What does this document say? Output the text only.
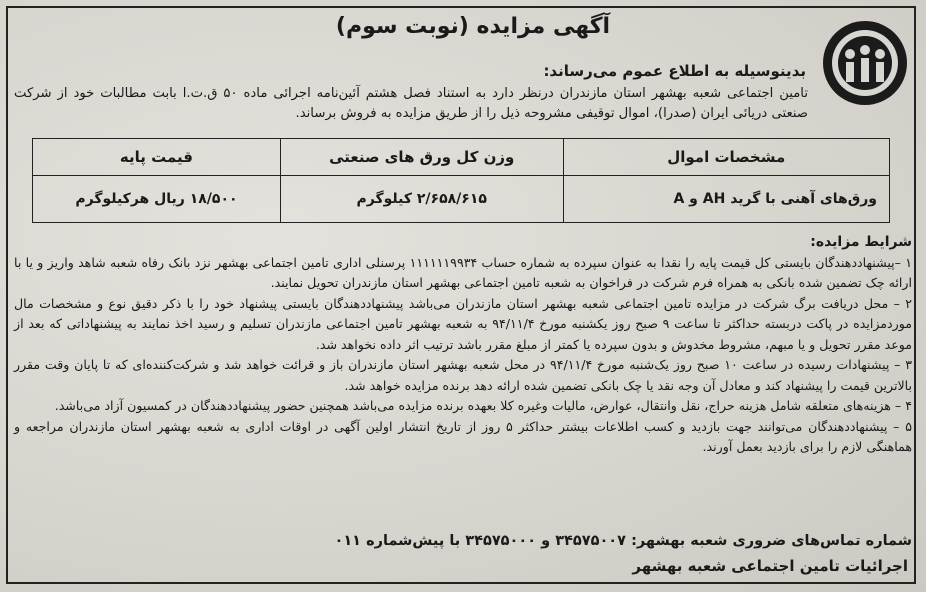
آگهی مزایده (نوبت سوم)
بدینوسیله به اطلاع عموم می‌رساند:
تامین اجتماعی شعبه بهشهر استان مازندران درنظر دارد به استناد فصل هشتم آئین‌نامه اجرائی ماده ۵۰ ق.ت.ا بابت مطالبات خود از شرکت صنعتی دریائی ایران (صدرا)، اموال توقیفی مشروحه ذیل را از طریق مزایده به فروش برساند.
مشخصات اموال	وزن کل ورق های صنعتی	قیمت پایه
ورق‌های آهنی با گرید AH و A	۲/۶۵۸/۶۱۵ کیلوگرم	۱۸/۵۰۰ ریال هرکیلوگرم

شرایط مزایده:

۱ –پیشنهاددهندگان بایستی کل قیمت پایه را نقدا به عنوان سپرده به شماره حساب ۱۱۱۱۱۱۹۹۳۴ پرسنلی اداری تامین اجتماعی بهشهر نزد بانک رفاه شعبه شاهد واریز و یا با ارائه چک تضمین شده بانکی به همراه فرم شرکت در فراخوان به شعبه تامین اجتماعی بهشهر استان مازندران تحویل نمایند.

۲ – محل دریافت برگ شرکت در مزایده تامین اجتماعی شعبه بهشهر استان مازندران می‌باشد پیشنهاددهندگان بایستی پیشنهاد خود را با ذکر دقیق نوع و مشخصات مال موردمزایده در پاکت دربسته حداکثر تا ساعت ۹ صبح روز یکشنبه مورخ ۹۴/۱۱/۴ به شعبه بهشهر تامین اجتماعی مازندران تسلیم و رسید اخذ نمایند به پیشنهاداتی که بعد از موعد مقرر تحویل و یا مبهم، مشروط مخدوش و بدون سپرده یا کمتر از مبلغ مقرر باشد ترتیب اثر داده نخواهد شد.

۳ – پیشنهادات رسیده در ساعت ۱۰ صبح روز یک‌شنبه مورخ ۹۴/۱۱/۴ در محل شعبه بهشهر استان مازندران باز و قرائت خواهد شد و شرکت‌کننده‌ای که تا پایان وقت مقرر بالاترین قیمت را پیشنهاد کند و معادل آن وجه نقد یا چک بانکی تضمین شده ارائه دهد برنده مزایده خواهد شد.

۴ – هزینه‌های متعلقه شامل هزینه حراج، نقل وانتقال، عوارض، مالیات وغیره کلا بعهده برنده مزایده می‌باشد همچنین حضور پیشنهاددهندگان در کمسیون آزاد می‌باشد.

۵ – پیشنهاددهندگان می‌توانند جهت بازدید و کسب اطلاعات بیشتر حداکثر ۵ روز از تاریخ انتشار اولین آگهی در اوقات اداری به شعبه بهشهر استان مازندران مراجعه و هماهنگی لازم را برای بازدید بعمل آورند.

شماره تماس‌های ضروری شعبه بهشهر: ۳۴۵۷۵۰۰۷ و ۳۴۵۷۵۰۰۰ با پیش‌شماره ۰۱۱
اجرائیات تامین اجتماعی شعبه بهشهر
